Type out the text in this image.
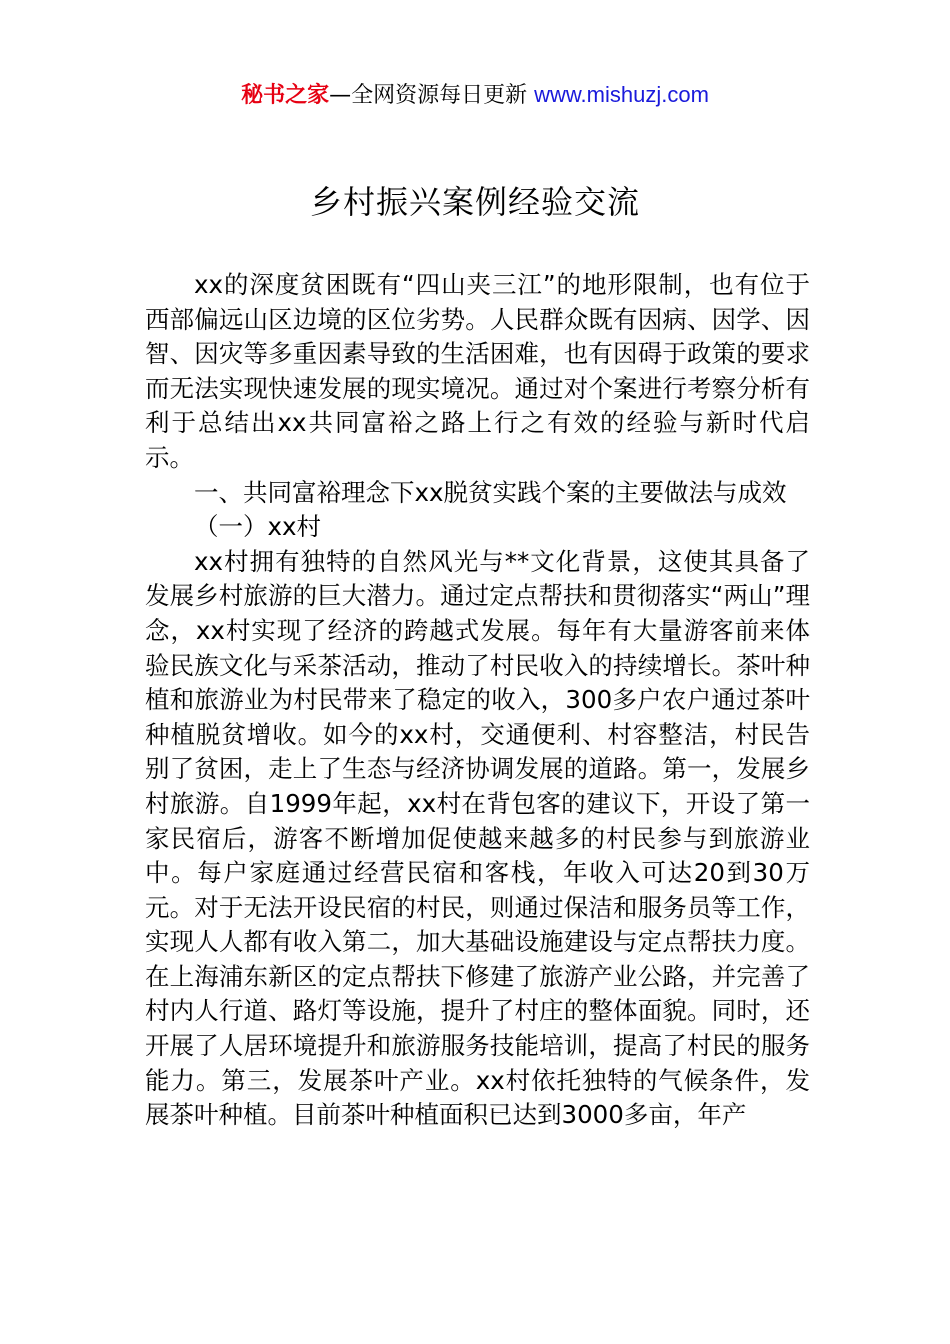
秘书之家—全网资源每日更新 www.mishuzj.com
乡村振兴案例经验交流

xx的深度贫困既有“四山夹三江”的地形限制，也有位于西部偏远山区边境的区位劣势。人民群众既有因病、因学、因智、因灾等多重因素导致的生活困难，也有因碍于政策的要求而无法实现快速发展的现实境况。通过对个案进行考察分析有利于总结出xx共同富裕之路上行之有效的经验与新时代启示。

一、共同富裕理念下xx脱贫实践个案的主要做法与成效

（一）xx村

xx村拥有独特的自然风光与**文化背景，这使其具备了发展乡村旅游的巨大潜力。通过定点帮扶和贯彻落实“两山”理念，xx村实现了经济的跨越式发展。每年有大量游客前来体验民族文化与采茶活动，推动了村民收入的持续增长。茶叶种植和旅游业为村民带来了稳定的收入，300多户农户通过茶叶种植脱贫增收。如今的xx村，交通便利、村容整洁，村民告别了贫困，走上了生态与经济协调发展的道路。第一，发展乡村旅游。自1999年起，xx村在背包客的建议下，开设了第一家民宿后，游客不断增加促使越来越多的村民参与到旅游业中。每户家庭通过经营民宿和客栈，年收入可达20到30万元。对于无法开设民宿的村民，则通过保洁和服务员等工作，实现人人都有收入第二，加大基础设施建设与定点帮扶力度。在上海浦东新区的定点帮扶下修建了旅游产业公路，并完善了村内人行道、路灯等设施，提升了村庄的整体面貌。同时，还开展了人居环境提升和旅游服务技能培训，提高了村民的服务能力。第三，发展茶叶产业。xx村依托独特的气候条件，发展茶叶种植。目前茶叶种植面积已达到3000多亩，年产
